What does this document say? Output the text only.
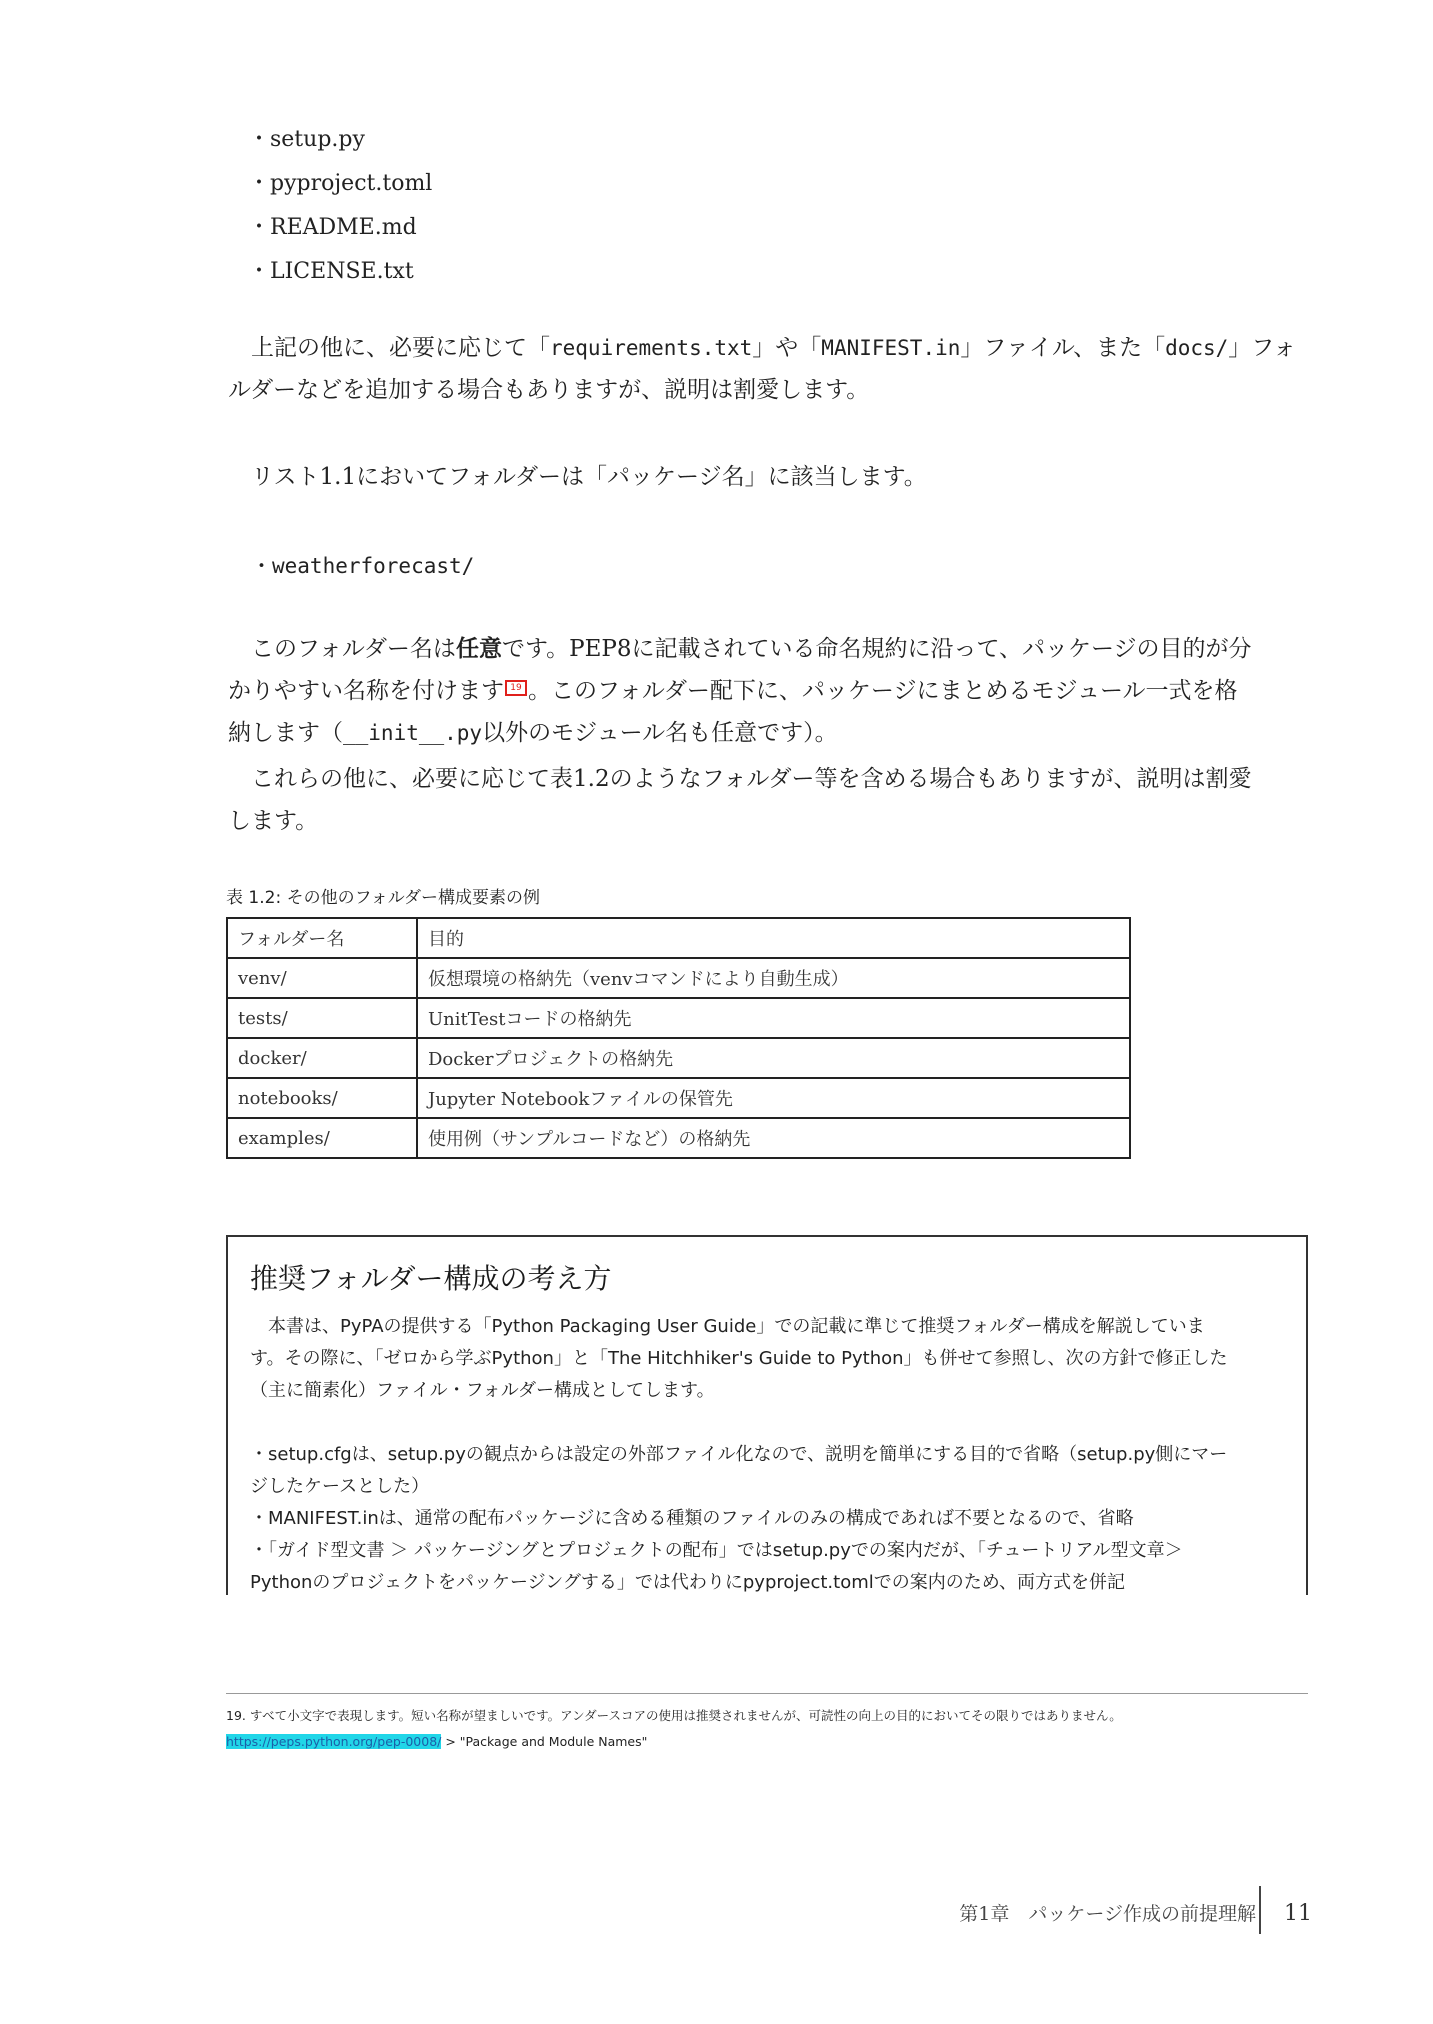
・setup.py
・pyproject.toml
・README.md
・LICENSE.txt
　上記の他に、必要に応じて「requirements.txt」や「MANIFEST.in」ファイル、また「docs/」フォ
ルダーなどを追加する場合もありますが、説明は割愛します。
　リスト1.1においてフォルダーは「パッケージ名」に該当します。
　・weatherforecast/
　このフォルダー名は任意です。PEP8に記載されている命名規約に沿って、パッケージの目的が分
かりやすい名称を付けます 19 。このフォルダー配下に、パッケージにまとめるモジュール一式を格
納します（__init__.py以外のモジュール名も任意です）。
　これらの他に、必要に応じて表1.2のようなフォルダー等を含める場合もありますが、説明は割愛
します。
表 1.2: その他のフォルダー構成要素の例
フォルダー名	目的
venv/	仮想環境の格納先（venvコマンドにより自動生成）
tests/	UnitTestコードの格納先
docker/	Dockerプロジェクトの格納先
notebooks/	Jupyter Notebookファイルの保管先
examples/	使用例（サンプルコードなど）の格納先
推奨フォルダー構成の考え方

　本書は、PyPAの提供する「Python Packaging User Guide」での記載に準じて推奨フォルダー構成を解説していま

す。その際に、「ゼロから学ぶPython」と「The Hitchhiker's Guide to Python」も併せて参照し、次の方針で修正した

（主に簡素化）ファイル・フォルダー構成としてします。

・setup.cfgは、setup.pyの観点からは設定の外部ファイル化なので、説明を簡単にする目的で省略（setup.py側にマー

ジしたケースとした）

・MANIFEST.inは、通常の配布パッケージに含める種類のファイルのみの構成であれば不要となるので、省略

・「ガイド型文書 ＞ パッケージングとプロジェクトの配布」ではsetup.pyでの案内だが、「チュートリアル型文章＞

Pythonのプロジェクトをパッケージングする」では代わりにpyproject.tomlでの案内のため、両方式を併記

19. すべて小文字で表現します。短い名称が望ましいです。アンダースコアの使用は推奨されませんが、可読性の向上の目的においてその限りではありません。
https://peps.python.org/pep-0008/ > "Package and Module Names"
第1章　パッケージ作成の前提理解 11
